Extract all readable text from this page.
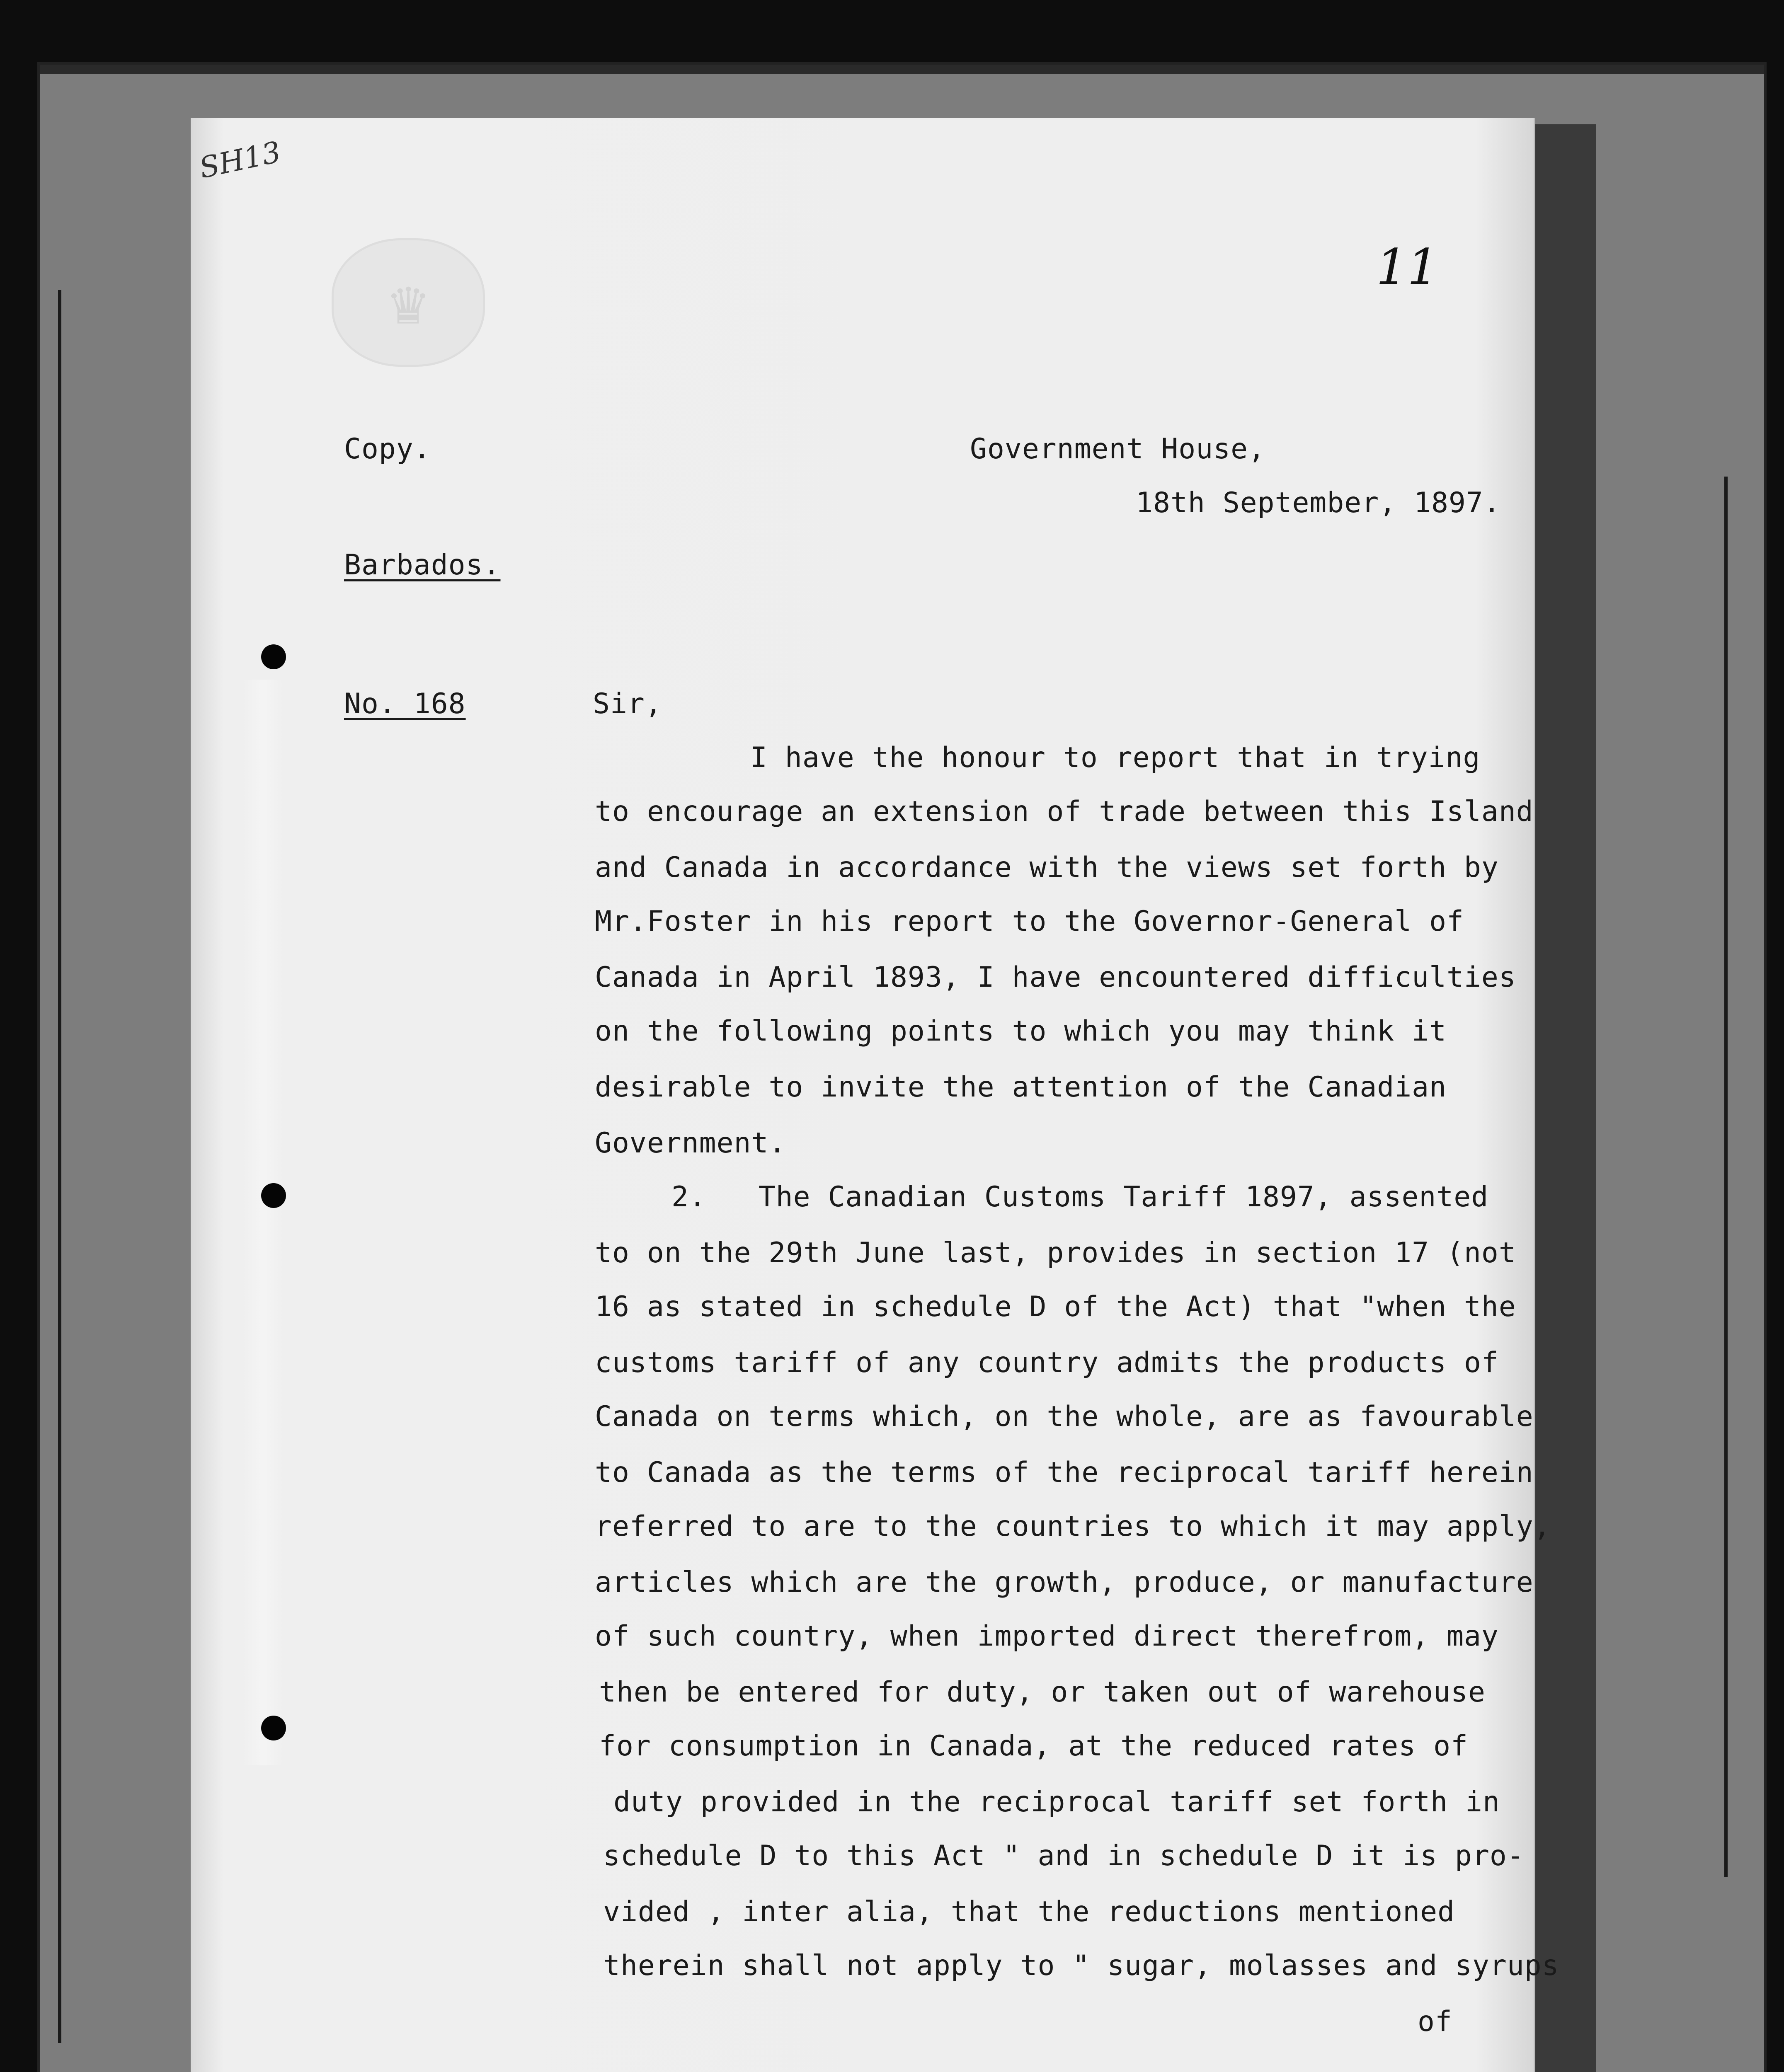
SH13
♛	11
Copy.	Government House,
18th September, 1897.
Barbados.
No. 168	Sir,
I have the honour to report that in trying
to encourage an extension of trade between this Island
and Canada in accordance with the views set forth by
Mr.Foster in his report to the Governor-General of
Canada in April 1893, I have encountered difficulties
on the following points to which you may think it
desirable to invite the attention of the Canadian
Government.
2.   The Canadian Customs Tariff 1897, assented
to on the 29th June last, provides in section 17 (not
16 as stated in schedule D of the Act) that "when the
customs tariff of any country admits the products of
Canada on terms which, on the whole, are as favourable
to Canada as the terms of the reciprocal tariff herein
referred to are to the countries to which it may apply,
articles which are the growth, produce, or manufacture
of such country, when imported direct therefrom, may
then be entered for duty, or taken out of warehouse
for consumption in Canada, at the reduced rates of
duty provided in the reciprocal tariff set forth in
schedule D to this Act " and in schedule D it is pro-
vided , inter alia, that the reductions mentioned
therein shall not apply to " sugar, molasses and syrups
of
